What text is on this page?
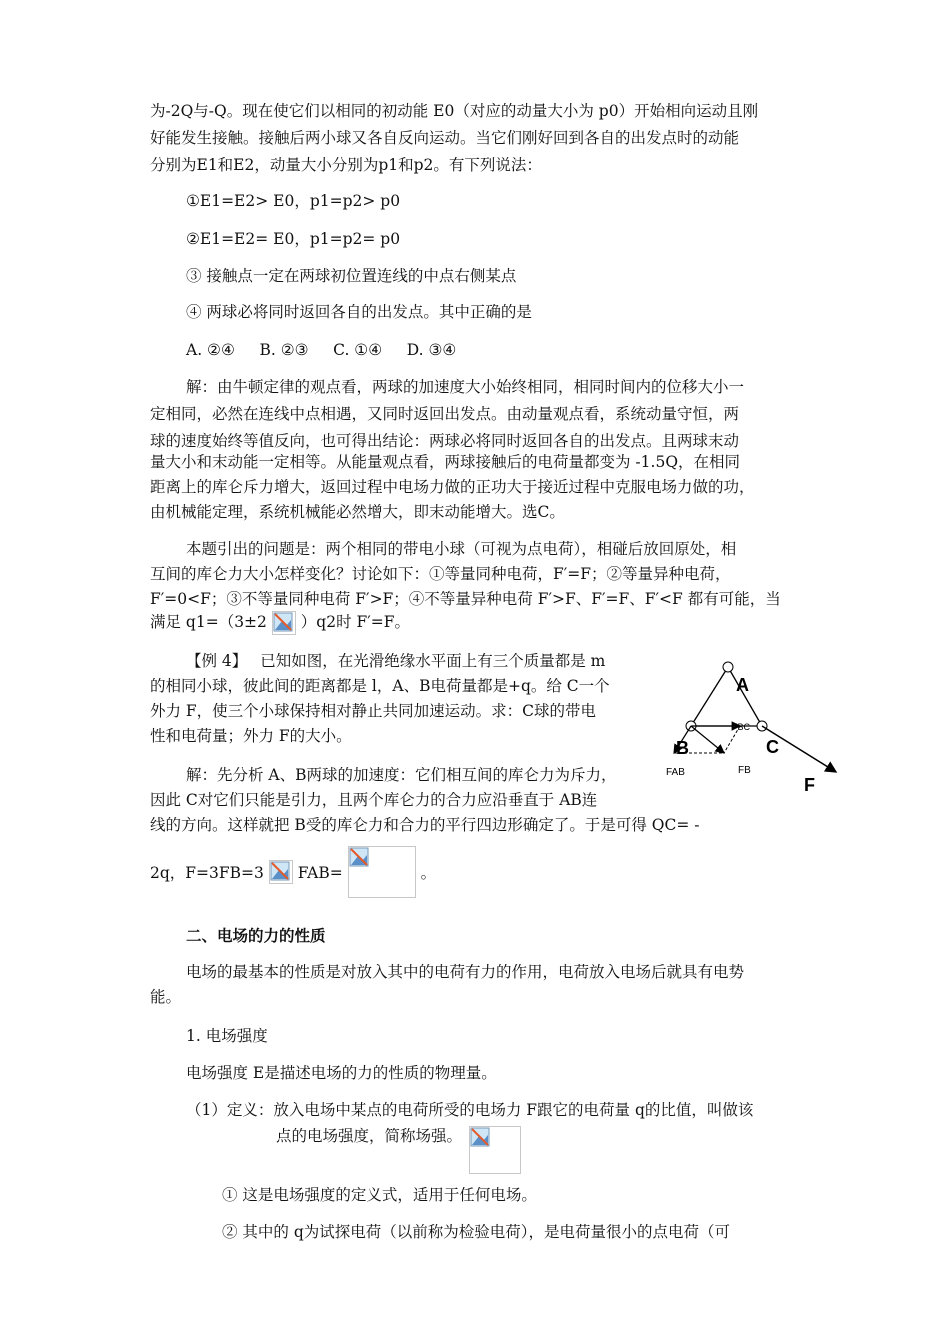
为-2Q与-Q。现在使它们以相同的初动能 E0（对应的动量大小为 p0）开始相向运动且刚
好能发生接触。接触后两小球又各自反向运动。当它们刚好回到各自的出发点时的动能
分别为E1和E2，动量大小分别为p1和p2。有下列说法：
①E1=E2> E0，p1=p2> p0
②E1=E2= E0，p1=p2= p0
③ 接触点一定在两球初位置连线的中点右侧某点
④ 两球必将同时返回各自的出发点。其中正确的是
A. ②④     B. ②③     C. ①④     D. ③④
解：由牛顿定律的观点看，两球的加速度大小始终相同，相同时间内的位移大小一
定相同，必然在连线中点相遇，又同时返回出发点。由动量观点看，系统动量守恒，两
球的速度始终等值反向，也可得出结论：两球必将同时返回各自的出发点。且两球末动
量大小和末动能一定相等。从能量观点看，两球接触后的电荷量都变为 -1.5Q，在相同
距离上的库仑斥力增大，返回过程中电场力做的正功大于接近过程中克服电场力做的功，
由机械能定理，系统机械能必然增大，即末动能增大。选C。
本题引出的问题是：两个相同的带电小球（可视为点电荷），相碰后放回原处，相
互间的库仑力大小怎样变化？讨论如下：①等量同种电荷，F′=F；②等量异种电荷，
F′=0<F；③不等量同种电荷 F′>F；④不等量异种电荷 F′>F、F′=F、F′<F 都有可能，当
满足 q1=（3±2 ）q2时 F′=F。
【例 4】 已知如图，在光滑绝缘水平面上有三个质量都是 m
的相同小球，彼此间的距离都是 l，A、B电荷量都是+q。给 C一个
外力 F，使三个小球保持相对静止共同加速运动。求：C球的带电
性和电荷量；外力 F的大小。
解：先分析 A、B两球的加速度：它们相互间的库仑力为斥力，
因此 C对它们只能是引力，且两个库仑力的合力应沿垂直于 AB连
线的方向。这样就把 B受的库仑力和合力的平行四边形确定了。于是可得 QC= -
2q，F=3FB=3 FAB=	。
A
B	C
F
FAB	FB
FBC
二、电场的力的性质
电场的最基本的性质是对放入其中的电荷有力的作用，电荷放入电场后就具有电势
能。
1. 电场强度
电场强度 E是描述电场的力的性质的物理量。
（1）定义：放入电场中某点的电荷所受的电场力 F跟它的电荷量 q的比值，叫做该
点的电场强度，简称场强。
① 这是电场强度的定义式，适用于任何电场。
② 其中的 q为试探电荷（以前称为检验电荷），是电荷量很小的点电荷（可
